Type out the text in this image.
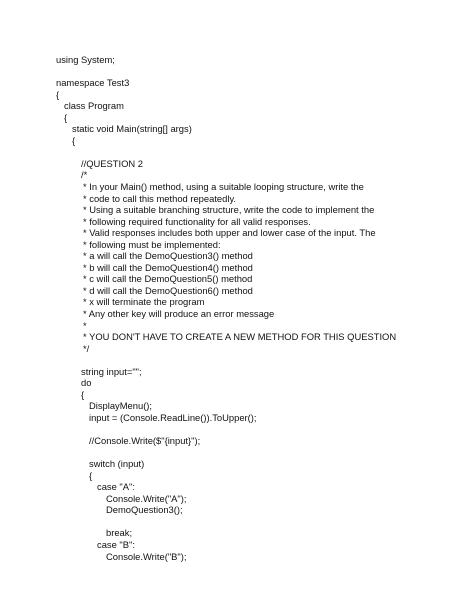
using System;
namespace Test3
{
class Program
{
static void Main(string[] args)
{
//QUESTION 2
/*
* In your Main() method, using a suitable looping structure, write the
* code to call this method repeatedly.
* Using a suitable branching structure, write the code to implement the
* following required functionality for all valid responses.
* Valid responses includes both upper and lower case of the input. The
* following must be implemented:
* a will call the DemoQuestion3() method
* b will call the DemoQuestion4() method
* c will call the DemoQuestion5() method
* d will call the DemoQuestion6() method
* x will terminate the program
* Any other key will produce an error message
*
* YOU DON'T HAVE TO CREATE A NEW METHOD FOR THIS QUESTION
*/
string input="";
do
{
DisplayMenu();
input = (Console.ReadLine()).ToUpper();
//Console.Write($"{input}");
switch (input)
{
case "A":
Console.Write("A");
DemoQuestion3();
break;
case "B":
Console.Write("B");
